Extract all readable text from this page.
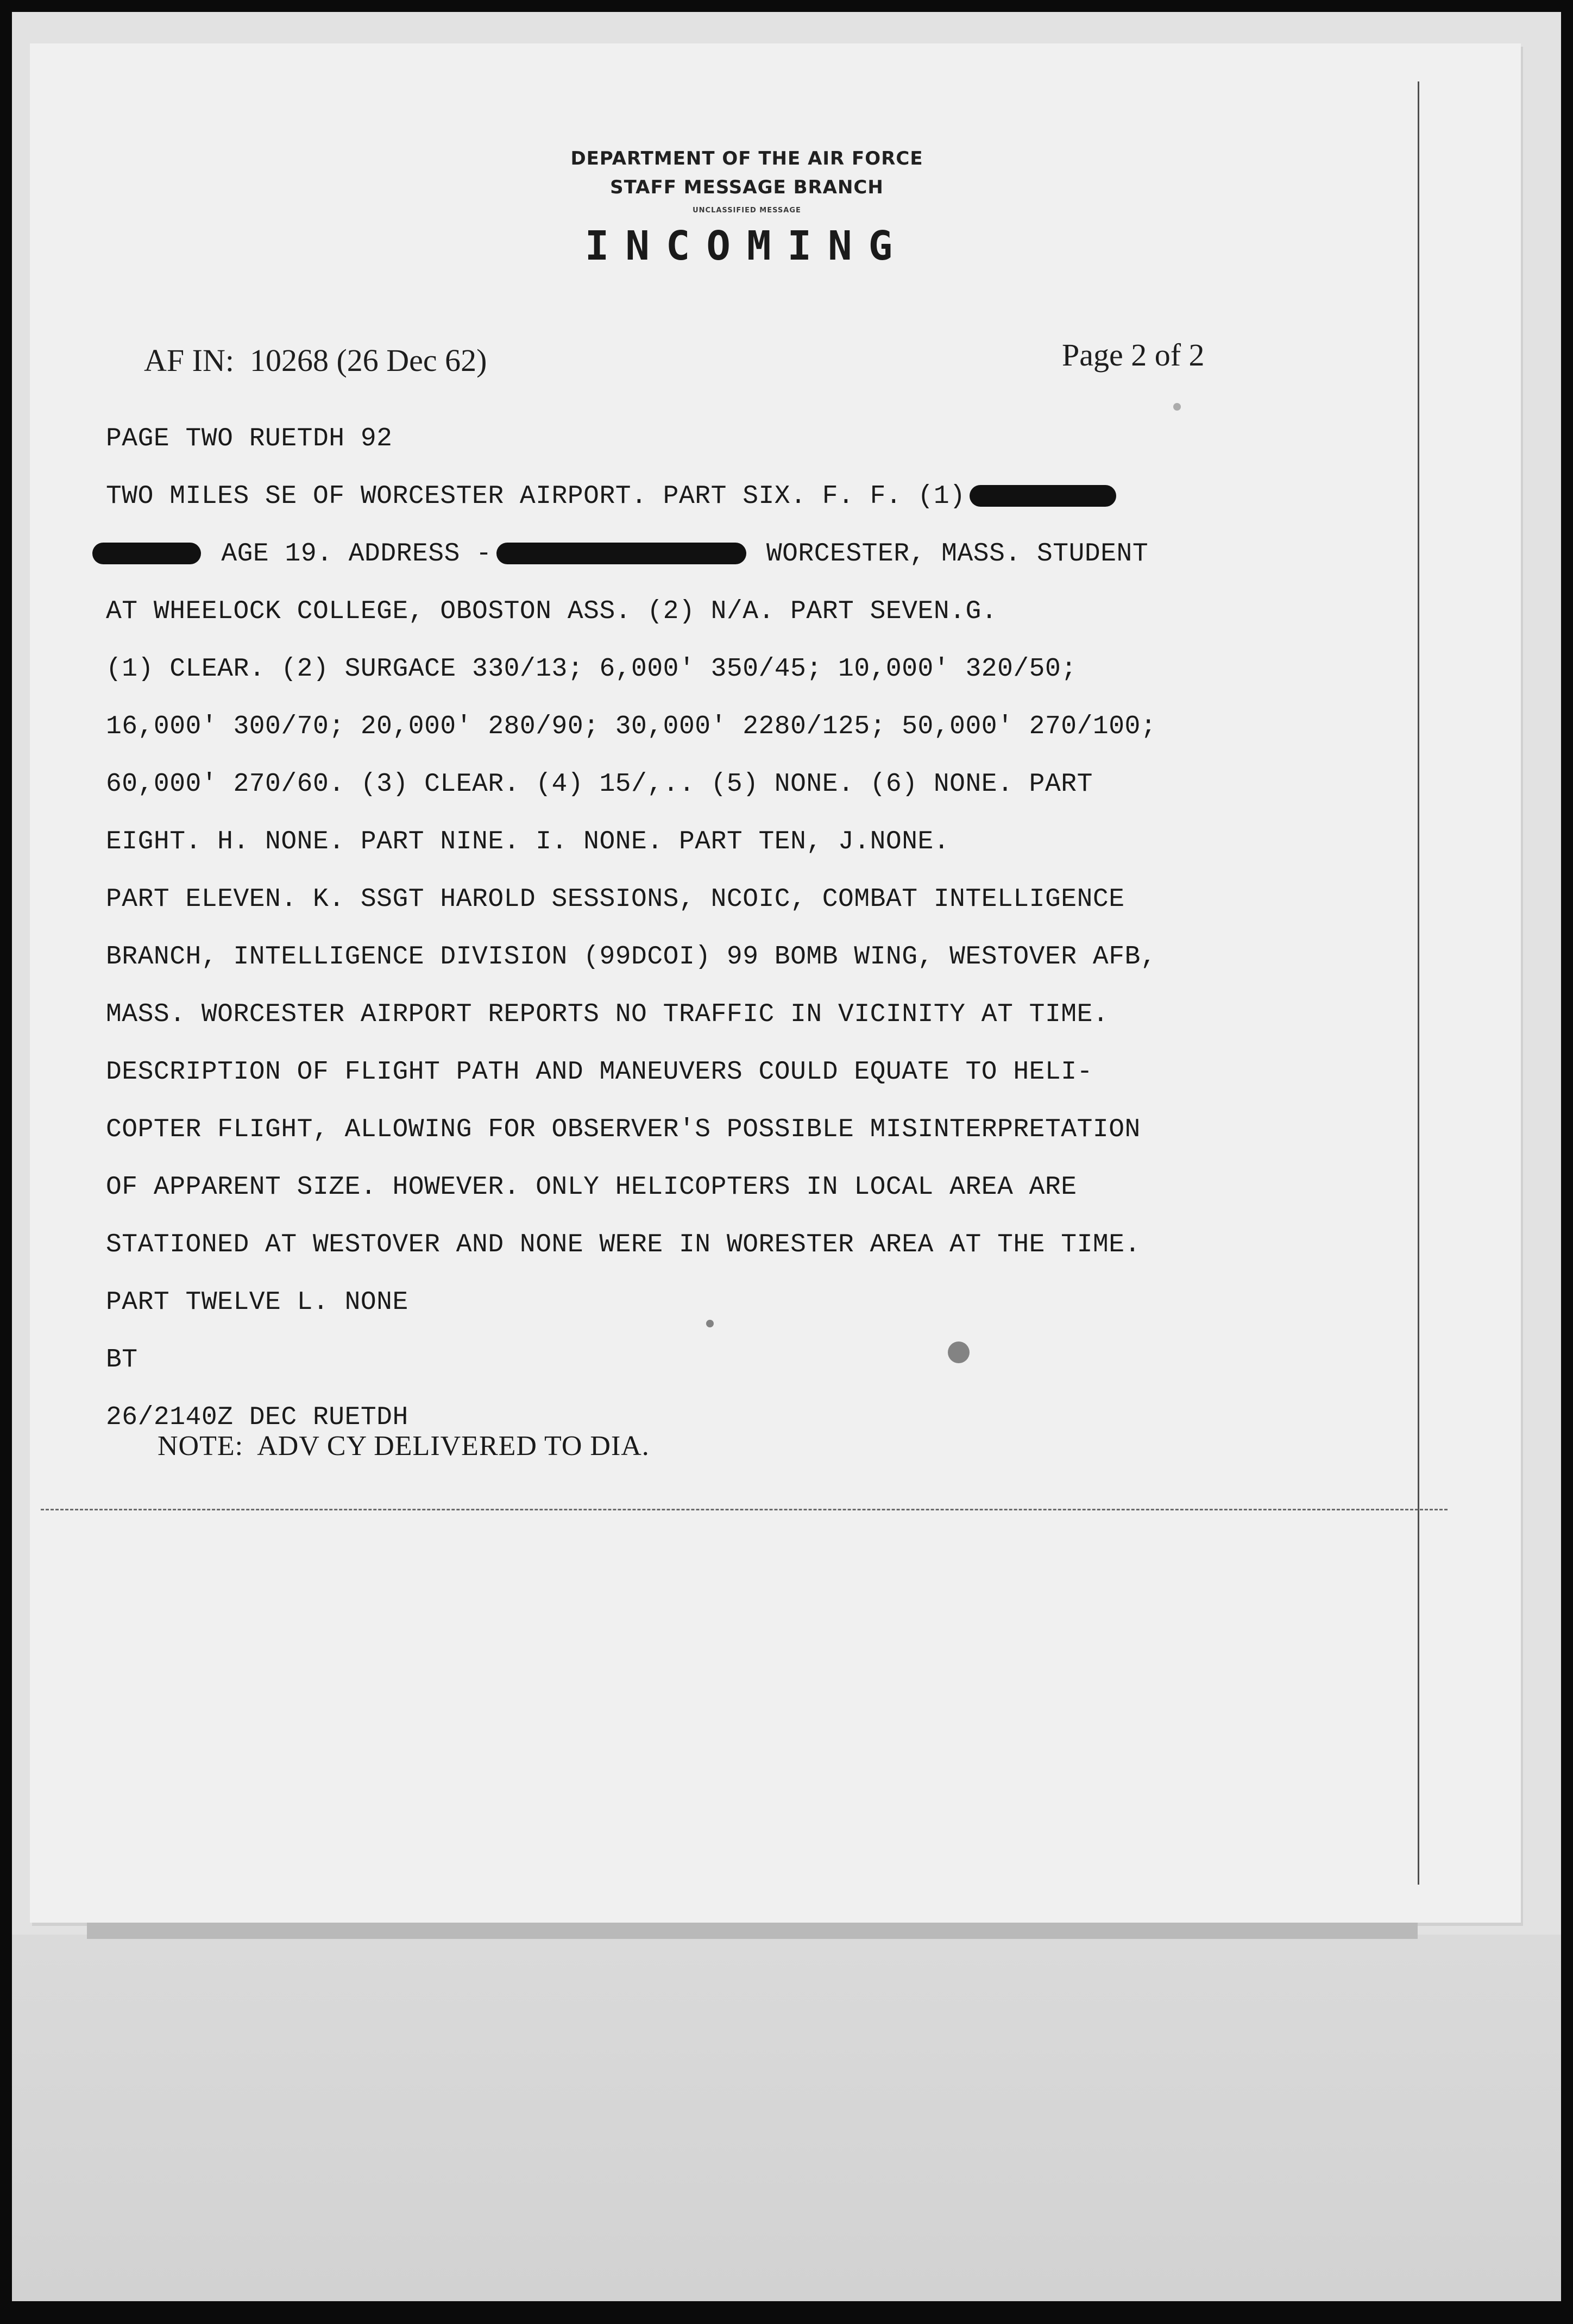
DEPARTMENT OF THE AIR FORCE
STAFF MESSAGE BRANCH
UNCLASSIFIED MESSAGE
INCOMING
AF IN:  10268 (26 Dec 62)	Page 2 of 2
PAGE TWO RUETDH 92
TWO MILES SE OF WORCESTER AIRPORT. PART SIX. F. F. (1)
AGE 19. ADDRESS -	WORCESTER, MASS. STUDENT
AT WHEELOCK COLLEGE, OBOSTON ASS. (2) N/A. PART SEVEN.G.
(1) CLEAR. (2) SURGACE 330/13; 6,000' 350/45; 10,000' 320/50;
16,000' 300/70; 20,000' 280/90; 30,000' 2280/125; 50,000' 270/100;
60,000' 270/60. (3) CLEAR. (4) 15/,.. (5) NONE. (6) NONE. PART
EIGHT. H. NONE. PART NINE. I. NONE. PART TEN, J.NONE.
PART ELEVEN. K. SSGT HAROLD SESSIONS, NCOIC, COMBAT INTELLIGENCE
BRANCH, INTELLIGENCE DIVISION (99DCOI) 99 BOMB WING, WESTOVER AFB,
MASS. WORCESTER AIRPORT REPORTS NO TRAFFIC IN VICINITY AT TIME.
DESCRIPTION OF FLIGHT PATH AND MANEUVERS COULD EQUATE TO HELI-
COPTER FLIGHT, ALLOWING FOR OBSERVER'S POSSIBLE MISINTERPRETATION
OF APPARENT SIZE. HOWEVER. ONLY HELICOPTERS IN LOCAL AREA ARE
STATIONED AT WESTOVER AND NONE WERE IN WORESTER AREA AT THE TIME.
PART TWELVE L. NONE
BT
26/2140Z DEC RUETDH
NOTE:  ADV CY DELIVERED TO DIA.
